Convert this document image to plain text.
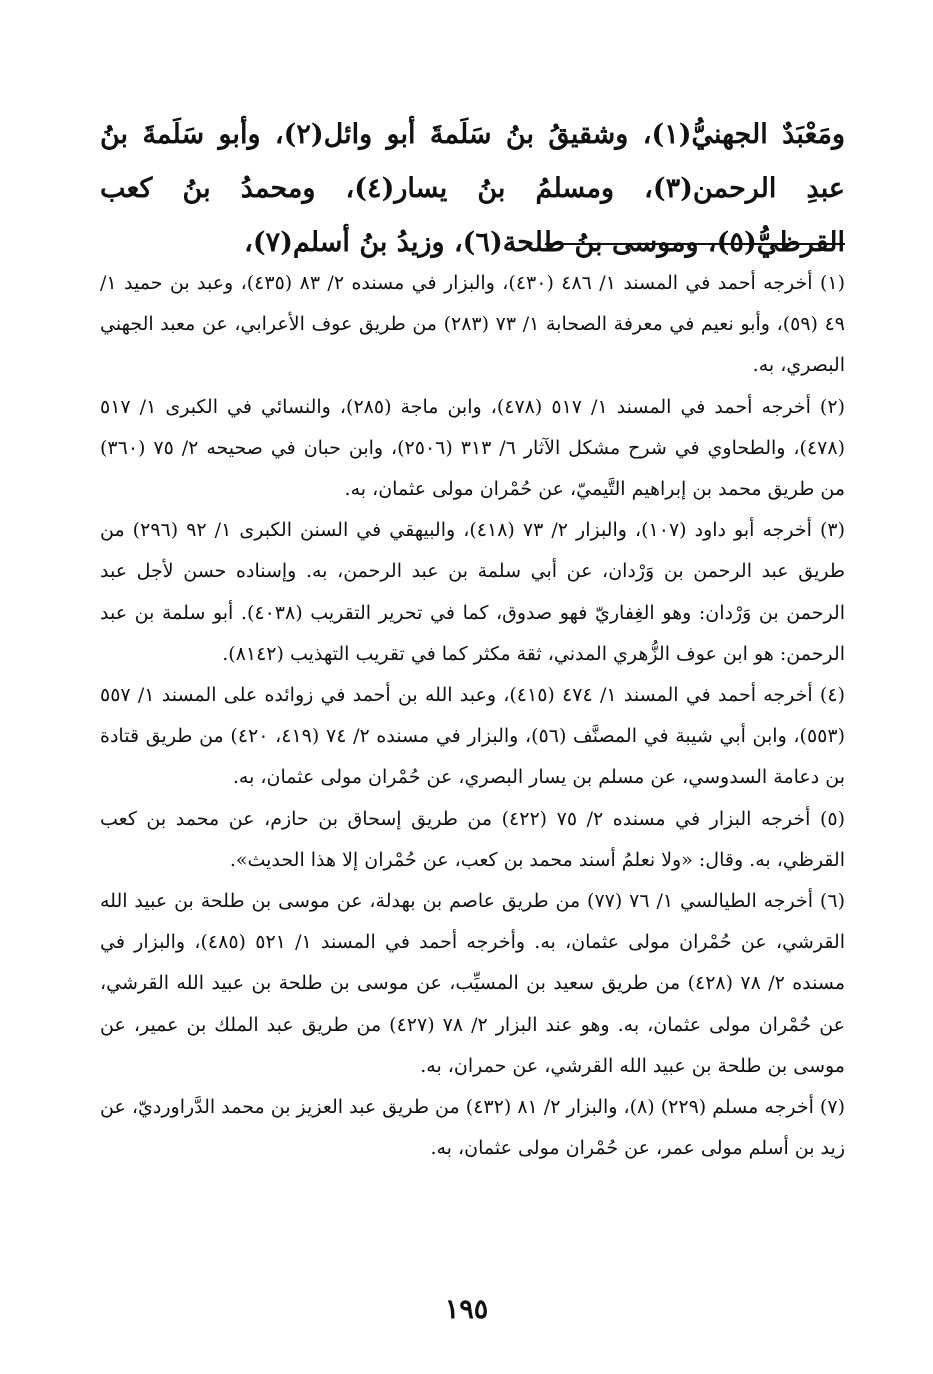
ومَعْبَدٌ الجهنيُّ(١)، وشقيقُ بنُ سَلَمةَ أبو وائل(٢)، وأبو سَلَمةَ بنُ عبدِ الرحمن(٣)، ومسلمُ بنُ يسار(٤)، ومحمدُ بنُ كعب القرظيُّ(٥)، وموسى بنُ طلحة(٦)، وزيدُ بنُ أسلم(٧)،

(١) أخرجه أحمد في المسند ١/ ٤٨٦ (٤٣٠)، والبزار في مسنده ٢/ ٨٣ (٤٣٥)، وعبد بن حميد ١/ ٤٩ (٥٩)، وأبو نعيم في معرفة الصحابة ١/ ٧٣ (٢٨٣) من طريق عوف الأعرابي، عن معبد الجهني البصري، به.

(٢) أخرجه أحمد في المسند ١/ ٥١٧ (٤٧٨)، وابن ماجة (٢٨٥)، والنسائي في الكبرى ١/ ٥١٧ (٤٧٨)، والطحاوي في شرح مشكل الآثار ٦/ ٣١٣ (٢٥٠٦)، وابن حبان في صحيحه ٢/ ٧٥ (٣٦٠) من طريق محمد بن إبراهيم التَّيميّ، عن حُمْران مولى عثمان، به.

(٣) أخرجه أبو داود (١٠٧)، والبزار ٢/ ٧٣ (٤١٨)، والبيهقي في السنن الكبرى ١/ ٩٢ (٢٩٦) من طريق عبد الرحمن بن وَرْدان، عن أبي سلمة بن عبد الرحمن، به. وإسناده حسن لأجل عبد الرحمن بن وَرْدان: وهو الغِفاريّ فهو صدوق، كما في تحرير التقريب (٤٠٣٨). أبو سلمة بن عبد الرحمن: هو ابن عوف الزُّهري المدني، ثقة مكثر كما في تقريب التهذيب (٨١٤٢).

(٤) أخرجه أحمد في المسند ١/ ٤٧٤ (٤١٥)، وعبد الله بن أحمد في زوائده على المسند ١/ ٥٥٧ (٥٥٣)، وابن أبي شيبة في المصنَّف (٥٦)، والبزار في مسنده ٢/ ٧٤ (٤١٩، ٤٢٠) من طريق قتادة بن دعامة السدوسي، عن مسلم بن يسار البصري، عن حُمْران مولى عثمان، به.

(٥) أخرجه البزار في مسنده ٢/ ٧٥ (٤٢٢) من طريق إسحاق بن حازم، عن محمد بن كعب القرظي، به. وقال: «ولا نعلمُ أسند محمد بن كعب، عن حُمْران إلا هذا الحديث».

(٦) أخرجه الطيالسي ١/ ٧٦ (٧٧) من طريق عاصم بن بهدلة، عن موسى بن طلحة بن عبيد الله القرشي، عن حُمْران مولى عثمان، به. وأخرجه أحمد في المسند ١/ ٥٢١ (٤٨٥)، والبزار في مسنده ٢/ ٧٨ (٤٢٨) من طريق سعيد بن المسيِّب، عن موسى بن طلحة بن عبيد الله القرشي، عن حُمْران مولى عثمان، به. وهو عند البزار ٢/ ٧٨ (٤٢٧) من طريق عبد الملك بن عمير، عن موسى بن طلحة بن عبيد الله القرشي، عن حمران، به.

(٧) أخرجه مسلم (٢٢٩) (٨)، والبزار ٢/ ٨١ (٤٣٢) من طريق عبد العزيز بن محمد الدَّراورديّ، عن زيد بن أسلم مولى عمر، عن حُمْران مولى عثمان، به.

١٩٥
